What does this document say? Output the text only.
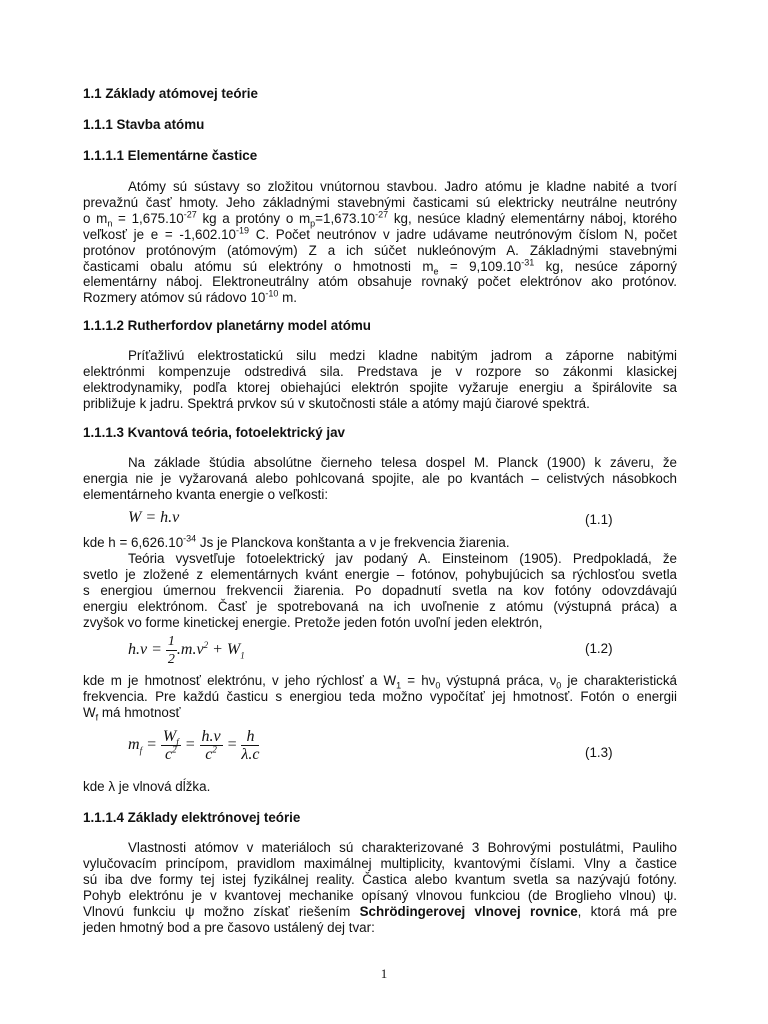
1.1 Základy atómovej teórie
1.1.1 Stavba atómu
1.1.1.1 Elementárne častice
Atómy sú sústavy so zložitou vnútornou stavbou. Jadro atómu je kladne nabité a tvorí
prevažnú časť hmoty. Jeho základnými stavebnými časticami sú elektricky neutrálne neutróny
o $m_n = 1,675.10^{-27}$ kg a protóny o $m_p=1,673.10^{-27}$ kg, nesúce kladný elementárny náboj, ktorého
veľkosť je $e = -1,602.10^{-19}$ C. Počet neutrónov v jadre udávame neutrónovým číslom N, počet
protónov protónovým (atómovým) Z a ich súčet nukleónovým A. Základnými stavebnými
časticami obalu atómu sú elektróny o hmotnosti $m_e = 9,109.10^{-31}$ kg, nesúce záporný
elementárny náboj. Elektroneutrálny atóm obsahuje rovnaký počet elektrónov ako protónov.
Rozmery atómov sú rádovo $10^{-10}$ m.
1.1.1.2 Rutherfordov planetárny model atómu
Príťažlivú elektrostatickú silu medzi kladne nabitým jadrom a záporne nabitými
elektrónmi kompenzuje odstredivá sila. Predstava je v rozpore so zákonmi klasickej
elektrodynamiky, podľa ktorej obiehajúci elektrón spojite vyžaruje energiu a špirálovite sa
približuje k jadru. Spektrá prvkov sú v skutočnosti stále a atómy majú čiarové spektrá.
1.1.1.3 Kvantová teória, fotoelektrický jav
Na základe štúdia absolútne čierneho telesa dospel M. Planck (1900) k záveru, že
energia nie je vyžarovaná alebo pohlcovaná spojite, ale po kvantách – celistvých násobkoch
elementárneho kvanta energie o veľkosti:
W = h.ν	(1.1)
kde $h = 6,626.10^{-34}$ Js je Planckova konštanta a ν je frekvencia žiarenia.
Teória vysvetľuje fotoelektrický jav podaný A. Einsteinom (1905). Predpokladá, že
svetlo je zložené z elementárnych kvánt energie – fotónov, pohybujúcich sa rýchlosťou svetla
s energiou úmernou frekvencii žiarenia. Po dopadnutí svetla na kov fotóny odovzdávajú
energiu elektrónom. Časť je spotrebovaná na ich uvoľnenie z atómu (výstupná práca) a
zvyšok vo forme kinetickej energie. Pretože jeden fotón uvoľní jeden elektrón,
$h.\nu = \frac{1}{2} .m.\nu^2 + W_1$	(1.2)
kde m je hmotnosť elektrónu, v jeho rýchlosť a $W_1 = h\nu_0$ výstupná práca, $\nu_0$ je charakteristická
frekvencia. Pre každú časticu s energiou teda možno vypočítať jej hmotnosť. Fotón o energii
$W_f$ má hmotnosť
$m_f = \frac{W_f}{c^2} = \frac{h.\nu}{c^2} = \frac{h}{\lambda.c}$	(1.3)
kde λ je vlnová dĺžka.
1.1.1.4 Základy elektrónovej teórie
Vlastnosti atómov v materiáloch sú charakterizované 3 Bohrovými postulátmi, Pauliho
vylučovacím princípom, pravidlom maximálnej multiplicity, kvantovými číslami. Vlny a častice
sú iba dve formy tej istej fyzikálnej reality. Častica alebo kvantum svetla sa nazývajú fotóny.
Pohyb elektrónu je v kvantovej mechanike opísaný vlnovou funkciou (de Broglieho vlnou) ψ.
Vlnovú funkciu ψ možno získať riešením Schrödingerovej vlnovej rovnice, ktorá má pre
jeden hmotný bod a pre časovo ustálený dej tvar:
1
